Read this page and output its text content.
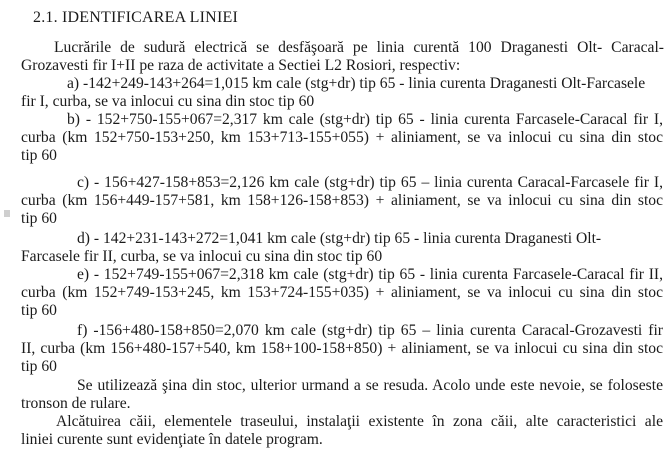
2.1. IDENTIFICAREA LINIEI
Lucrările de sudură electrică se desfăşoară pe linia curentă 100 Draganesti Olt- Caracal-
Grozavesti fir I+II pe raza de activitate a Sectiei L2 Rosiori, respectiv:
a) -142+249-143+264=1,015 km cale (stg+dr) tip 65 - linia curenta Draganesti Olt-Farcasele
fir I, curba, se va inlocui cu sina din stoc tip 60
b) - 152+750-155+067=2,317 km cale (stg+dr) tip 65 - linia curenta Farcasele-Caracal fir I,
curba (km 152+750-153+250, km 153+713-155+055) + aliniament, se va inlocui cu sina din stoc
tip 60
c) - 156+427-158+853=2,126 km cale (stg+dr) tip 65 – linia curenta Caracal-Farcasele fir I,
curba (km 156+449-157+581, km 158+126-158+853) + aliniament, se va inlocui cu sina din stoc
tip 60
d) - 142+231-143+272=1,041 km cale (stg+dr) tip 65 - linia curenta Draganesti Olt-
Farcasele fir II, curba, se va inlocui cu sina din stoc tip 60
e) - 152+749-155+067=2,318 km cale (stg+dr) tip 65 - linia curenta Farcasele-Caracal fir II,
curba (km 152+749-153+245, km 153+724-155+035) + aliniament, se va inlocui cu sina din stoc
tip 60
f) -156+480-158+850=2,070 km cale (stg+dr) tip 65 – linia curenta Caracal-Grozavesti fir
II, curba (km 156+480-157+540, km 158+100-158+850) + aliniament, se va inlocui cu sina din stoc
tip 60
Se utilizează şina din stoc, ulterior urmand a se resuda. Acolo unde este nevoie, se foloseste
tronson de rulare.
Alcătuirea căii, elementele traseului, instalaţii existente în zona căii, alte caracteristici ale
liniei curente sunt evidenţiate în datele program.
